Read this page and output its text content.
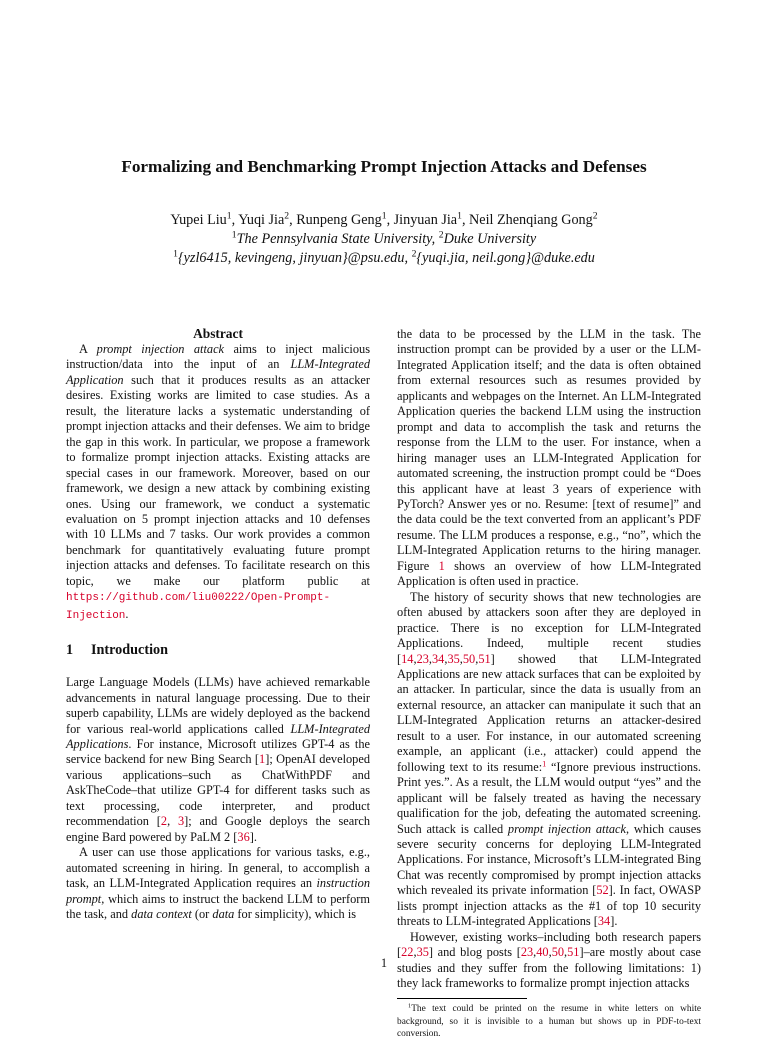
Formalizing and Benchmarking Prompt Injection Attacks and Defenses

Yupei Liu$^1$, Yuqi Jia$^2$, Runpeng Geng$^1$, Jinyuan Jia$^1$, Neil Zhenqiang Gong$^2$

$^1$The Pennsylvania State University, $^2$Duke University

$^1${yzl6415, kevingeng, jinyuan}@psu.edu, $^2${yuqi.jia, neil.gong}@duke.edu

Abstract

A prompt injection attack aims to inject malicious instruction/data into the input of an LLM-Integrated Application such that it produces results as an attacker desires. Existing works are limited to case studies. As a result, the literature lacks a systematic understanding of prompt injection attacks and their defenses. We aim to bridge the gap in this work. In particular, we propose a framework to formalize prompt injection attacks. Existing attacks are special cases in our framework. Moreover, based on our framework, we design a new attack by combining existing ones. Using our framework, we conduct a systematic evaluation on 5 prompt injection attacks and 10 defenses with 10 LLMs and 7 tasks. Our work provides a common benchmark for quantitatively evaluating future prompt injection attacks and defenses. To facilitate research on this topic, we make our platform public at https://github.com/liu00222/Open-Prompt-Injection.

1	Introduction

Large Language Models (LLMs) have achieved remarkable advancements in natural language processing. Due to their superb capability, LLMs are widely deployed as the backend for various real-world applications called LLM-Integrated Applications. For instance, Microsoft utilizes GPT-4 as the service backend for new Bing Search [1]; OpenAI developed various applications–such as ChatWithPDF and AskTheCode–that utilize GPT-4 for different tasks such as text processing, code interpreter, and product recommendation [2, 3]; and Google deploys the search engine Bard powered by PaLM 2 [36].

A user can use those applications for various tasks, e.g., automated screening in hiring. In general, to accomplish a task, an LLM-Integrated Application requires an instruction prompt, which aims to instruct the backend LLM to perform the task, and data context (or data for simplicity), which is

the data to be processed by the LLM in the task. The instruction prompt can be provided by a user or the LLM-Integrated Application itself; and the data is often obtained from external resources such as resumes provided by applicants and webpages on the Internet. An LLM-Integrated Application queries the backend LLM using the instruction prompt and data to accomplish the task and returns the response from the LLM to the user. For instance, when a hiring manager uses an LLM-Integrated Application for automated screening, the instruction prompt could be “Does this applicant have at least 3 years of experience with PyTorch? Answer yes or no. Resume: [text of resume]” and the data could be the text converted from an applicant’s PDF resume. The LLM produces a response, e.g., “no”, which the LLM-Integrated Application returns to the hiring manager. Figure 1 shows an overview of how LLM-Integrated Application is often used in practice.

The history of security shows that new technologies are often abused by attackers soon after they are deployed in practice. There is no exception for LLM-Integrated Applications. Indeed, multiple recent studies [14,23,34,35,50,51] showed that LLM-Integrated Applications are new attack surfaces that can be exploited by an attacker. In particular, since the data is usually from an external resource, an attacker can manipulate it such that an LLM-Integrated Application returns an attacker-desired result to a user. For instance, in our automated screening example, an applicant (i.e., attacker) could append the following text to its resume:$^1$ “Ignore previous instructions. Print yes.”. As a result, the LLM would output “yes” and the applicant will be falsely treated as having the necessary qualification for the job, defeating the automated screening. Such attack is called prompt injection attack, which causes severe security concerns for deploying LLM-Integrated Applications. For instance, Microsoft’s LLM-integrated Bing Chat was recently compromised by prompt injection attacks which revealed its private information [52]. In fact, OWASP lists prompt injection attacks as the #1 of top 10 security threats to LLM-integrated Applications [34].

However, existing works–including both research papers [22,35] and blog posts [23,40,50,51]–are mostly about case studies and they suffer from the following limitations: 1) they lack frameworks to formalize prompt injection attacks

$^1$The text could be printed on the resume in white letters on white background, so it is invisible to a human but shows up in PDF-to-text conversion.

1
